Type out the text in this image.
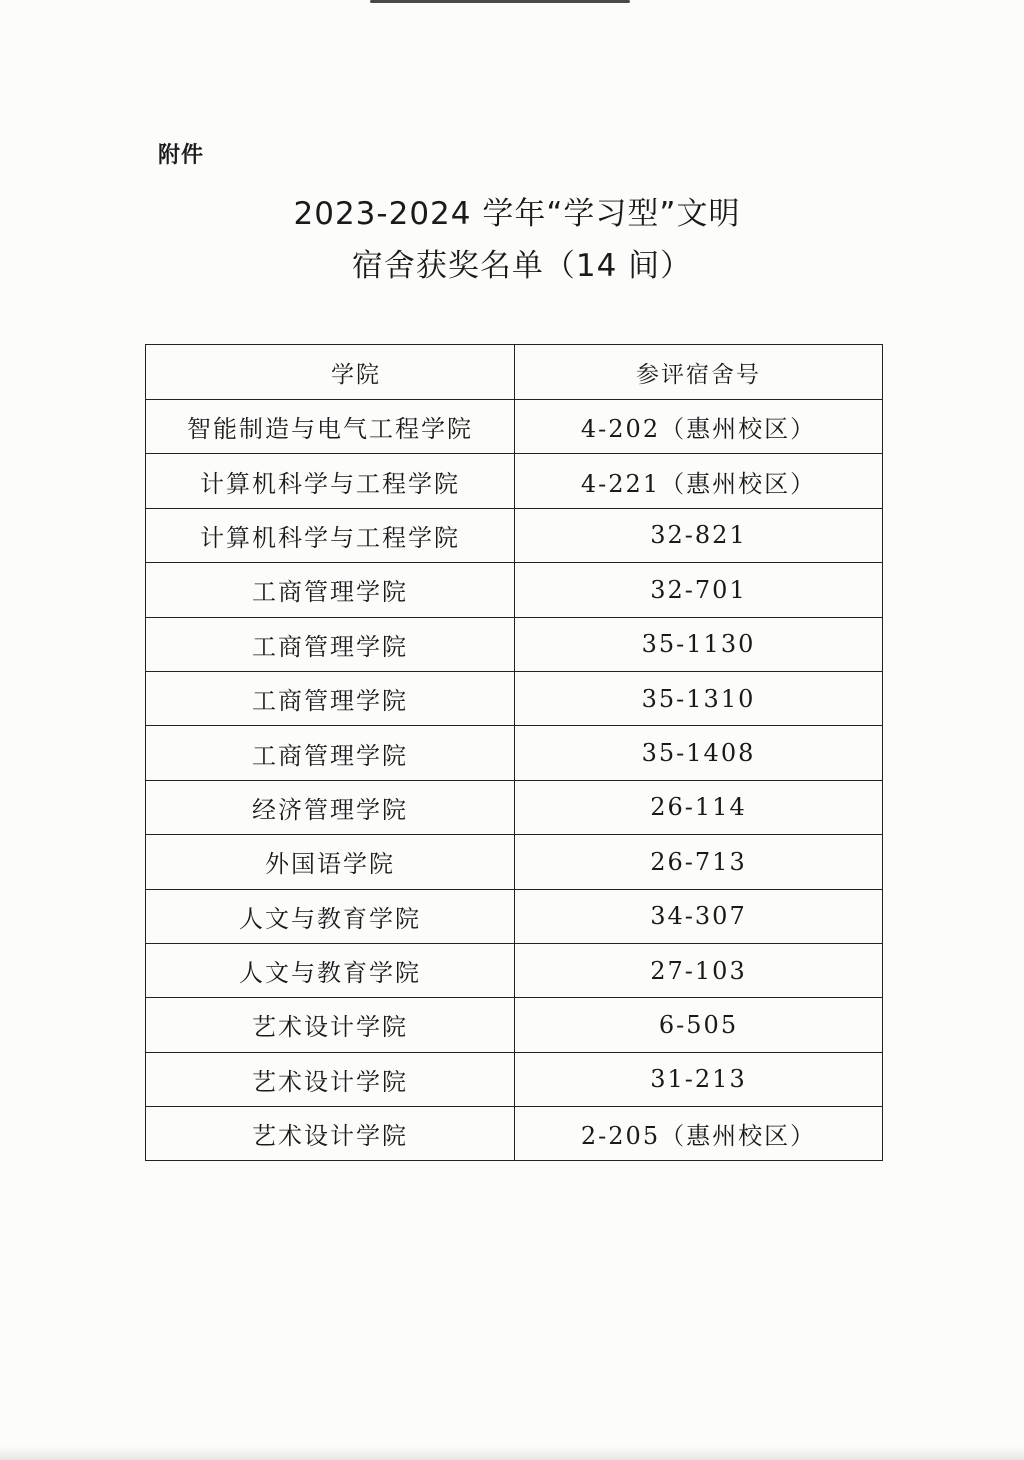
附件
2023-2024 学年“学习型”文明
宿舍获奖名单（14 间）
学院	参评宿舍号
智能制造与电气工程学院	4-202（惠州校区）
计算机科学与工程学院	4-221（惠州校区）
计算机科学与工程学院	32-821
工商管理学院	32-701
工商管理学院	35-1130
工商管理学院	35-1310
工商管理学院	35-1408
经济管理学院	26-114
外国语学院	26-713
人文与教育学院	34-307
人文与教育学院	27-103
艺术设计学院	6-505
艺术设计学院	31-213
艺术设计学院	2-205（惠州校区）
